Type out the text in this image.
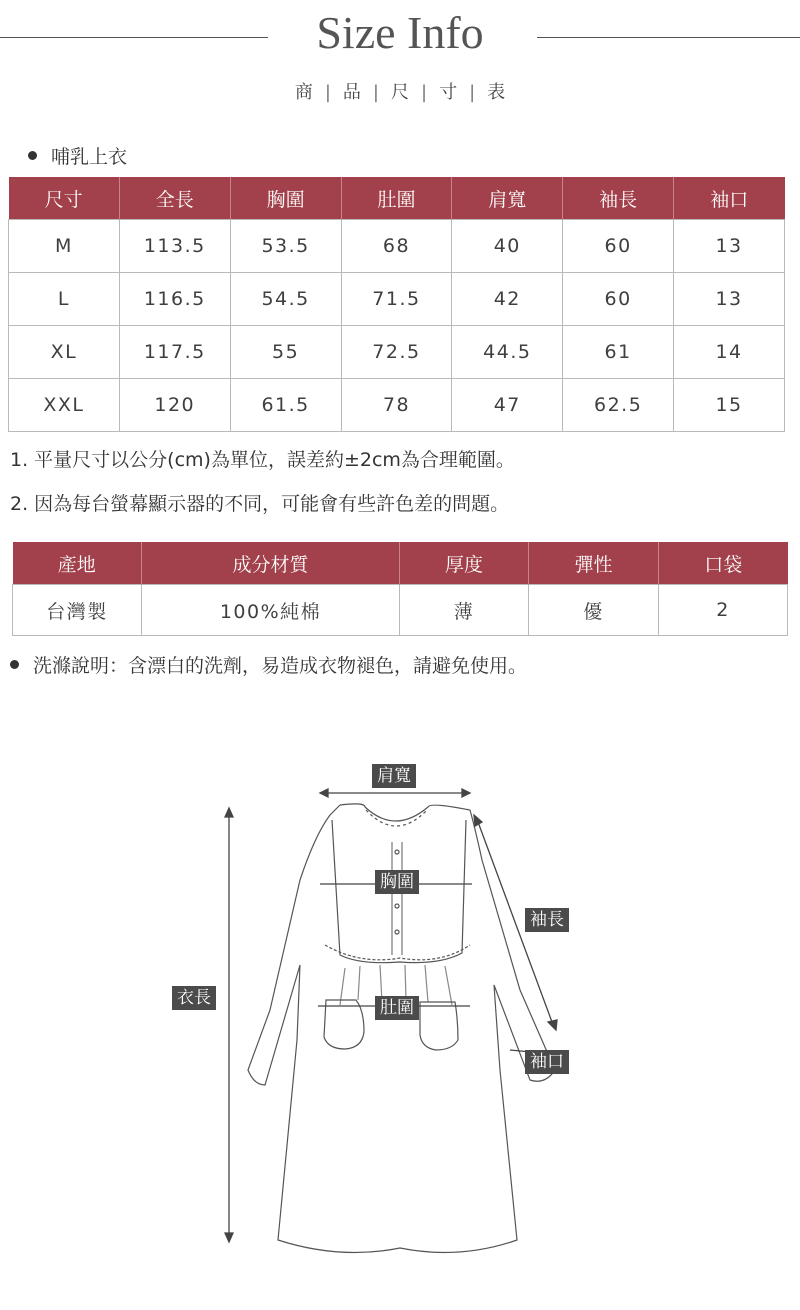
Size Info
商 | 品 | 尺 | 寸 | 表
哺乳上衣
尺寸	全長	胸圍	肚圍	肩寬	袖長	袖口
M	113.5	53.5	68	40	60	13
L	116.5	54.5	71.5	42	60	13
XL	117.5	55	72.5	44.5	61	14
XXL	120	61.5	78	47	62.5	15
1. 平量尺寸以公分(cm)為單位，誤差約±2cm為合理範圍。
2. 因為每台螢幕顯示器的不同，可能會有些許色差的問題。
產地	成分材質	厚度	彈性	口袋
台灣製	100%純棉	薄	優	2
洗滌說明：含漂白的洗劑，易造成衣物褪色，請避免使用。
肩寬
胸圍
袖長
衣長	肚圍
袖口
